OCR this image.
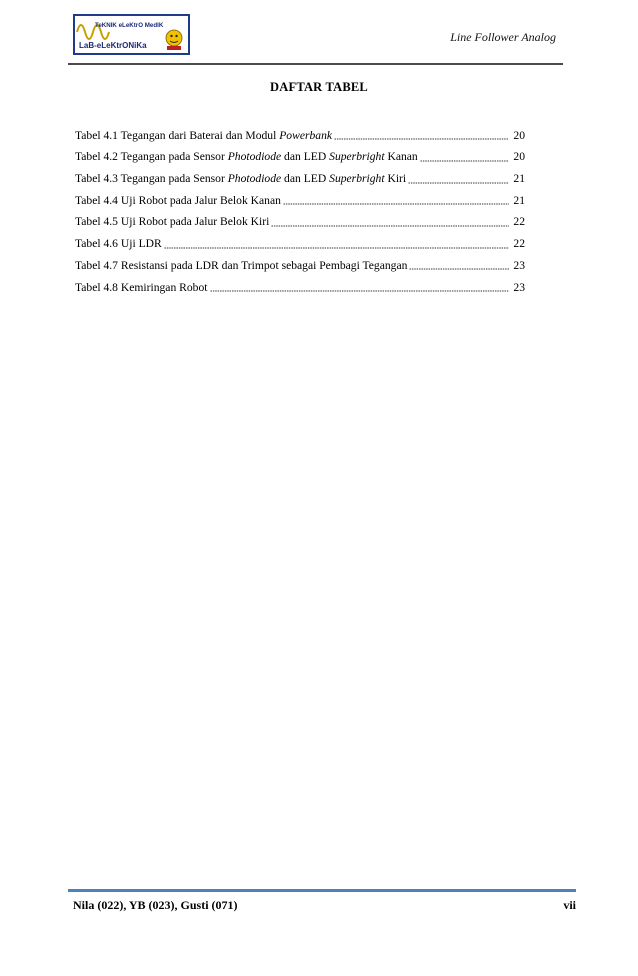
TeKNIK eLeKtrO MedIK
LaB-eLeKtrONiKa
Line Follower Analog
DAFTAR TABEL
Tabel 4.1 Tegangan dari Baterai dan Modul Powerbank	20
Tabel 4.2 Tegangan pada Sensor Photodiode dan LED Superbright Kanan	20
Tabel 4.3 Tegangan pada Sensor Photodiode dan LED Superbright Kiri	21
Tabel 4.4 Uji Robot pada Jalur Belok Kanan	21
Tabel 4.5 Uji Robot pada Jalur Belok Kiri	22
Tabel 4.6 Uji LDR	22
Tabel 4.7 Resistansi pada LDR dan Trimpot sebagai Pembagi Tegangan	23
Tabel 4.8 Kemiringan Robot	23
Nila (022), YB (023), Gusti (071)	vii
